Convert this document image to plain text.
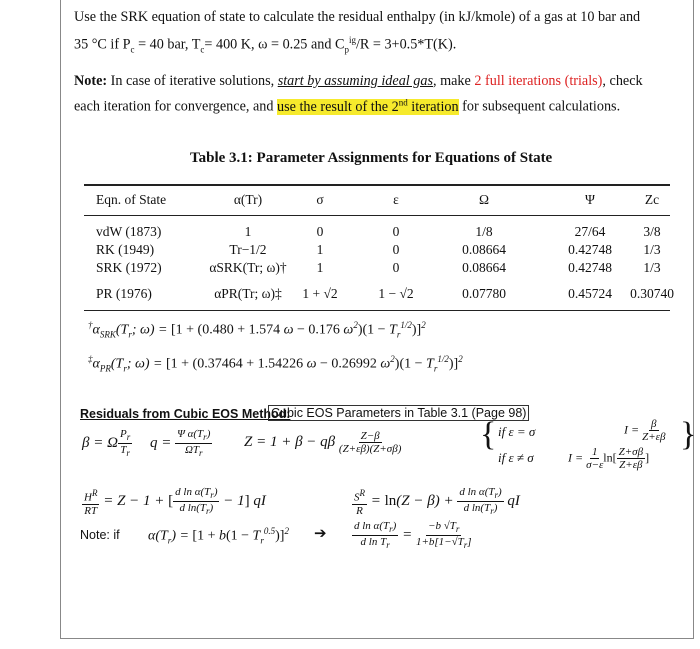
Use the SRK equation of state to calculate the residual enthalpy (in kJ/kmole) of a gas at 10 bar and
35 °C if $P_c = 40$ bar, $T_c= 400$ K, ω = 0.25 and $C_p^{ig}/R = 3+0.5*T(K)$.
Note: In case of iterative solutions, start by assuming ideal gas, make 2 full iterations (trials), check
each iteration for convergence, and use the result of the 2nd iteration for subsequent calculations.
Table 3.1: Parameter Assignments for Equations of State
Eqn. of State	α(Tr)	σ	ε	Ω	Ψ	Zc
vdW (1873)	1	0	0	1/8	27/64	3/8
RK (1949)	Tr−1/2	1	0	0.08664	0.42748	1/3
SRK (1972)	αSRK(Tr; ω)†	1	0	0.08664	0.42748	1/3
PR (1976)	αPR(Tr; ω)‡	1 + √2	1 − √2	0.07780	0.45724	0.30740
$^\dagger\alpha_{SRK}(T_r$; ω) = [1 + (0.480 + 1.574 ω − 0.176 $\omega^2)(1 - T_r^{1/2})]^2$
$^\ddagger\alpha_{PR}(T_r$; ω) = [1 + (0.37464 + 1.54226 ω − 0.26992 $\omega^2)(1 - T_r^{1/2})]^2$
Residuals from Cubic EOS Method:
Cubic EOS Parameters in Table 3.1 (Page 98)
β = Ω $\frac{P_r}{T_r}$ $q = \frac{\Psi \alpha(T_r)}{\Omega T_r}$ Z = 1 + β − qβ $\frac{Z-\beta}{(Z+\varepsilon\beta)(Z+\sigma\beta)}$ { if ε = σ
if ε ≠ σ
$I = \frac{\beta}{Z+\varepsilon\beta}$
$I = \frac{1}{\sigma-\varepsilon} \ln[ \frac{Z+\sigma\beta}{Z+\varepsilon\beta}$ ]
}
$\frac{H^R}{RT} = Z - 1$ + [ $\frac{d \ln \alpha(T_r)}{d \ln(T_r)} - 1$] qI	$\frac{S^R}{R} = \ln(Z - \beta) + \frac{d \ln \alpha(T_r)}{d \ln(T_r)}$ qI
Note: if $\alpha(T_r) = [1 + b(1 - T_r^{0.5})]^2$ ➔ $\frac{d \ln \alpha(T_r)}{d \ln T_r} = \frac{-b √T_r}{1+b[1-√T_r]}$
